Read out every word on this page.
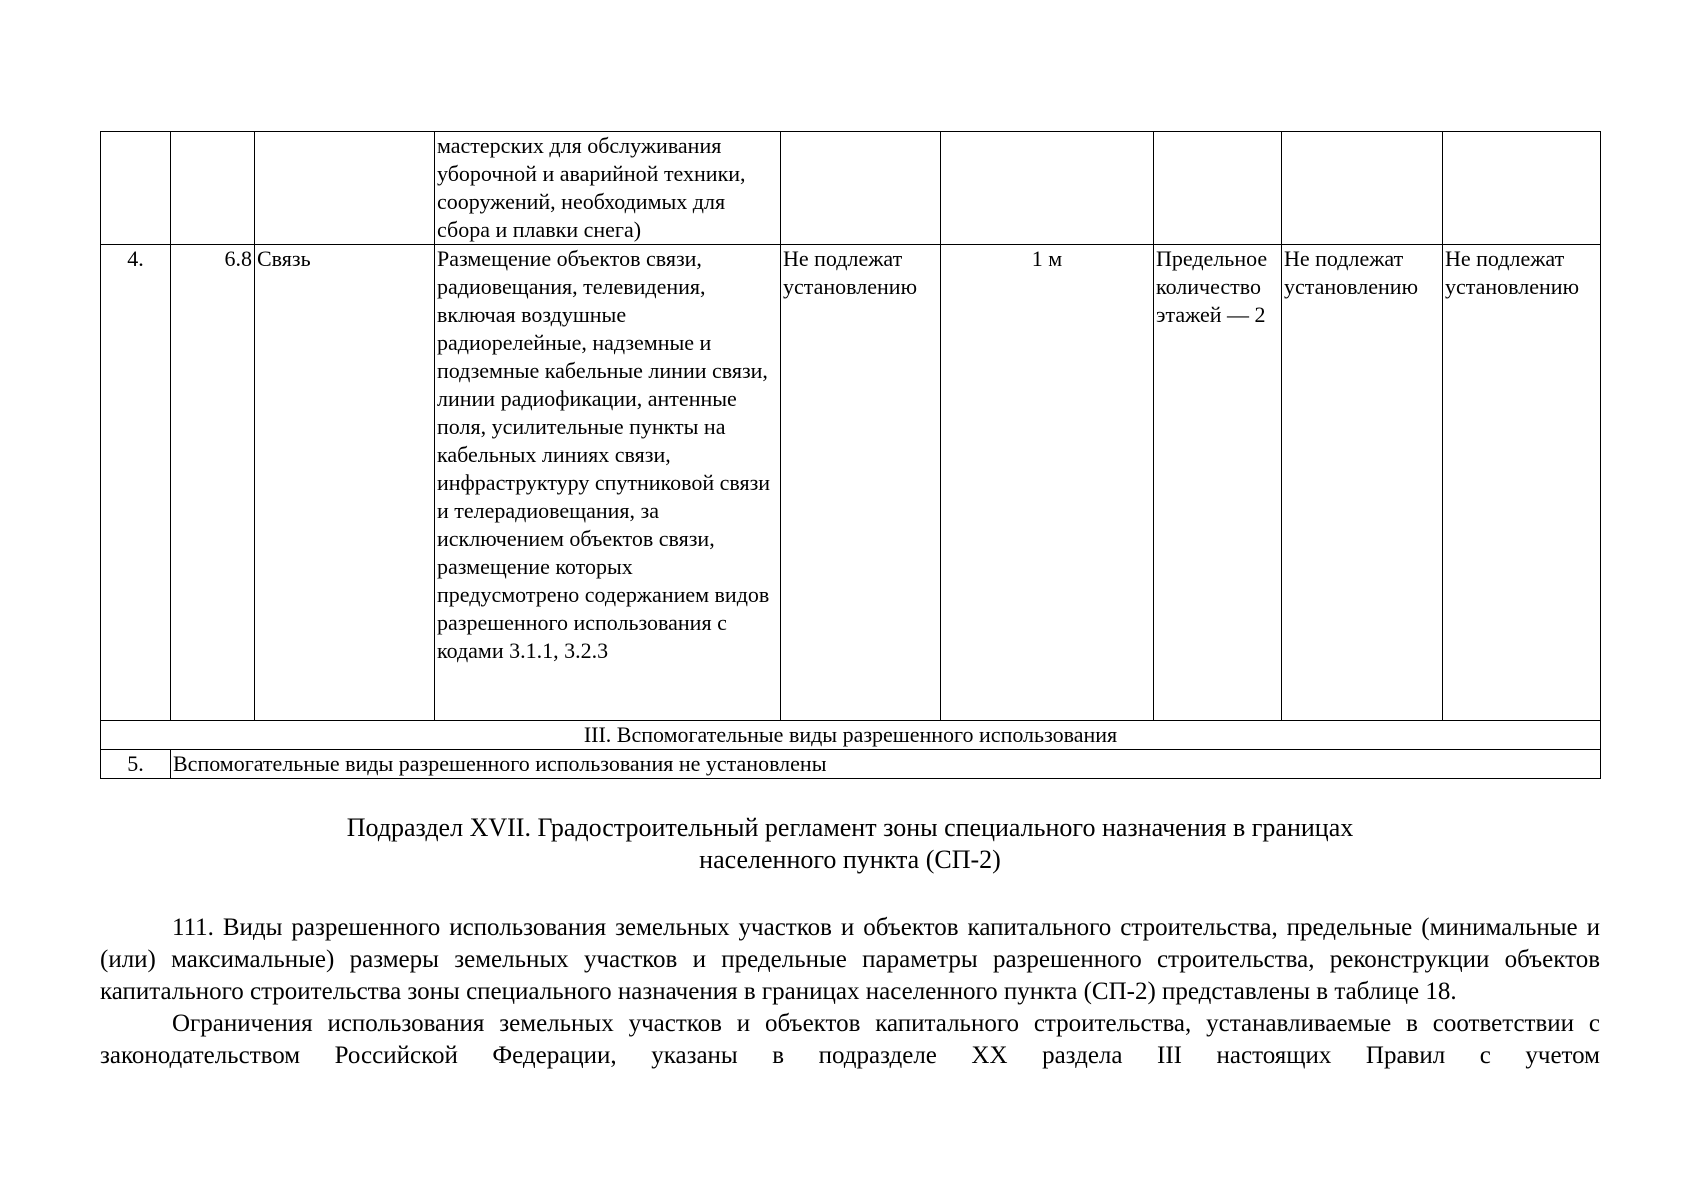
			мастерских для обслуживания уборочной и аварийной техники, сооружений, необходимых для сбора и плавки снега)					
4.	6.8	Связь	Размещение объектов связи, радиовещания, телевидения, включая воздушные радиорелейные, надземные и подземные кабельные линии связи, линии радиофикации, антенные поля, усилительные пункты на кабельных линиях связи, инфраструктуру спутниковой связи и телерадиовещания, за исключением объектов связи, размещение которых предусмотрено содержанием видов разрешенного использования с кодами 3.1.1, 3.2.3	Не подлежат установлению	1 м	Предельное количество этажей — 2	Не подлежат установлению	Не подлежат установлению
III. Вспомогательные виды разрешенного использования								
5.	Вспомогательные виды разрешенного использования не установлены							
Подраздел XVII. Градостроительный регламент зоны специального назначения в границах
населенного пункта (СП-2)

111. Виды разрешенного использования земельных участков и объектов капитального строительства, предельные (минимальные и (или) максимальные) размеры земельных участков и предельные параметры разрешенного строительства, реконструкции объектов капитального строительства зоны специального назначения в границах населенного пункта (СП-2) представлены в таблице 18.

Ограничения использования земельных участков и объектов капитального строительства, устанавливаемые в соответствии с законодательством Российской Федерации, указаны в подразделе XX раздела III настоящих Правил с учетом
